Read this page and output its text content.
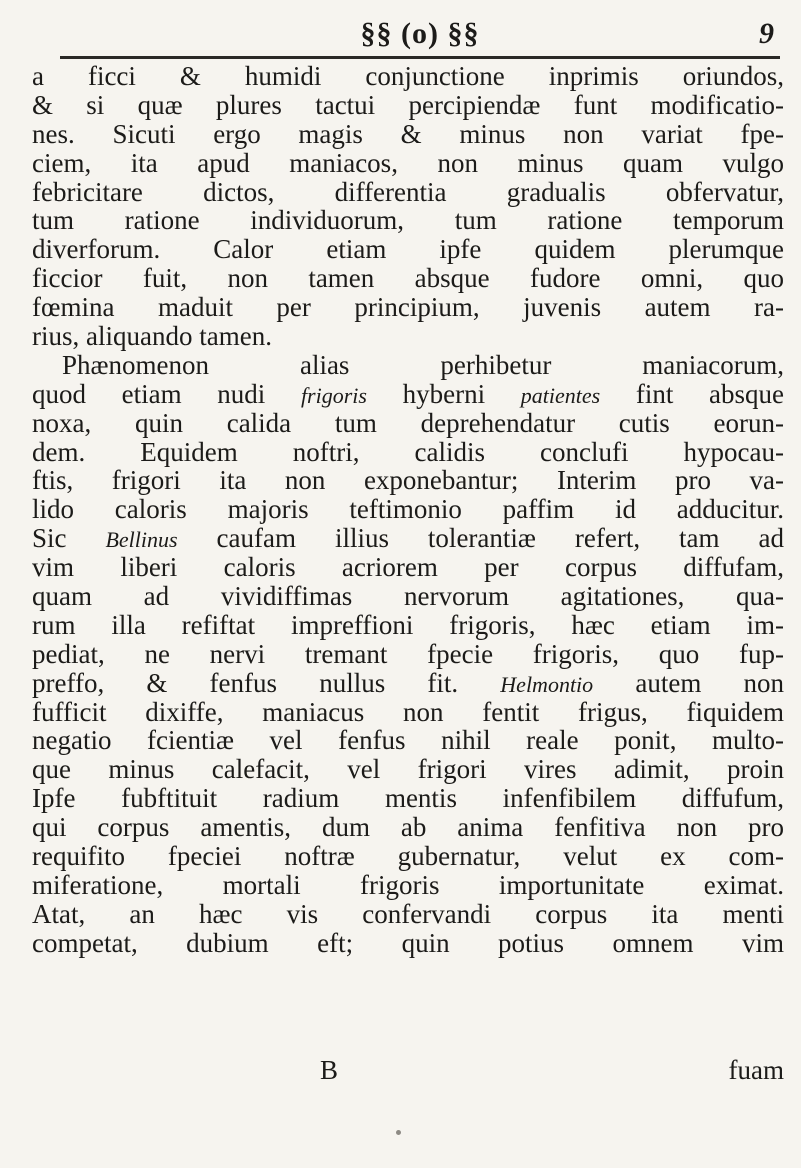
§§ (o) §§	9
a ficci & humidi conjunctione inprimis oriundos,
& si quæ plures tactui percipiendæ funt modificatio-
nes. Sicuti ergo magis & minus non variat fpe-
ciem, ita apud maniacos, non minus quam vulgo
febricitare dictos, differentia gradualis obfervatur,
tum ratione individuorum, tum ratione temporum
diverforum. Calor etiam ipfe quidem plerumque
ficcior fuit, non tamen absque fudore omni, quo
fœmina maduit per principium, juvenis autem ra-
rius, aliquando tamen.
Phænomenon alias perhibetur maniacorum,
quod etiam nudi frigoris hyberni patientes fint absque
noxa, quin calida tum deprehendatur cutis eorun-
dem. Equidem noftri, calidis conclufi hypocau-
ftis, frigori ita non exponebantur; Interim pro va-
lido caloris majoris teftimonio paffim id adducitur.
Sic Bellinus caufam illius tolerantiæ refert, tam ad
vim liberi caloris acriorem per corpus diffufam,
quam ad vividiffimas nervorum agitationes, qua-
rum illa refiftat impreffioni frigoris, hæc etiam im-
pediat, ne nervi tremant fpecie frigoris, quo fup-
preffo, & fenfus nullus fit. Helmontio autem non
fufficit dixiffe, maniacus non fentit frigus, fiquidem
negatio fcientiæ vel fenfus nihil reale ponit, multo-
que minus calefacit, vel frigori vires adimit, proin
Ipfe fubftituit radium mentis infenfibilem diffufum,
qui corpus amentis, dum ab anima fenfitiva non pro
requifito fpeciei noftræ gubernatur, velut ex com-
miferatione, mortali frigoris importunitate eximat.
Atat, an hæc vis confervandi corpus ita menti
competat, dubium eft; quin potius omnem vim
B	fuam
